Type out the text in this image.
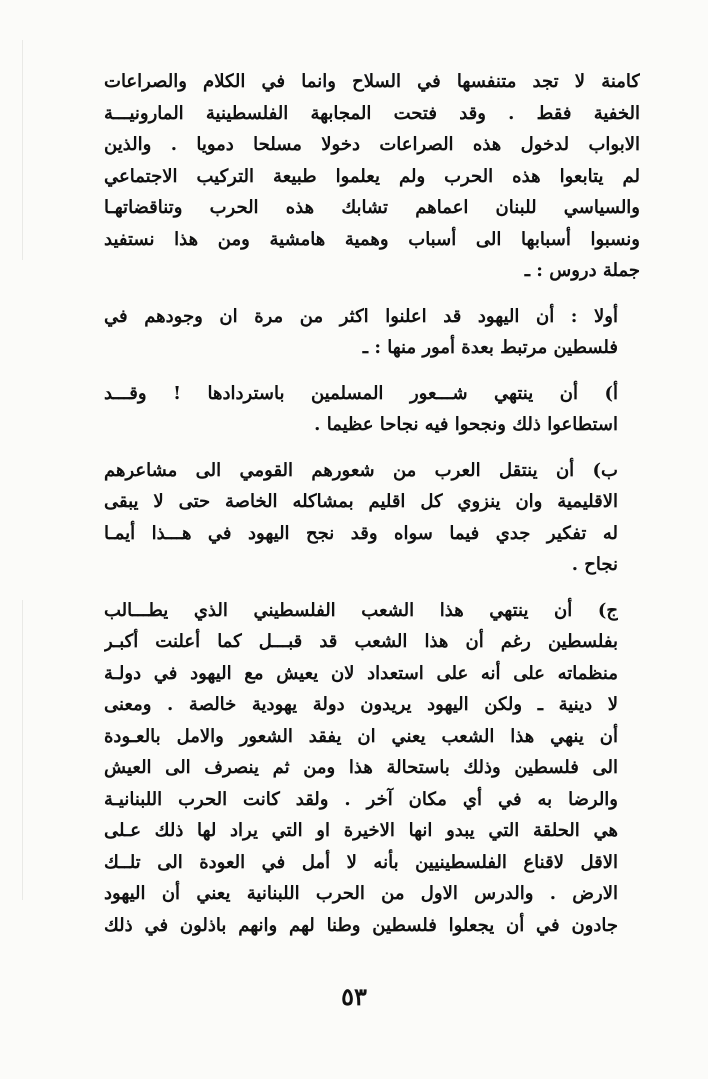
كامنة لا تجد متنفسها في السلاح وانما في الكلام والصراعات
الخفية فقط . وقد فتحت المجابهة الفلسطينية المارونيـــة
الابواب لدخول هذه الصراعات دخولا مسلحا دمويا . والذين
لم يتابعوا هذه الحرب ولم يعلموا طبيعة التركيب الاجتماعي
والسياسي للبنان اعماهم تشابك هذه الحرب وتناقضاتهـا
ونسبوا أسبابها الى أسباب وهمية هامشية ومن هذا نستفيد
جملة دروس : ـ
أولا : أن اليهود قد اعلنوا اكثر من مرة ان وجودهم في
فلسطين مرتبط بعدة أمور منها : ـ
أ) أن ينتهي شـــعور المسلمين باستردادها ! وقـــد
استطاعوا ذلك ونجحوا فيه نجاحا عظيما .
ب) أن ينتقل العرب من شعورهم القومي الى مشاعرهم
الاقليمية وان ينزوي كل اقليم بمشاكله الخاصة حتى لا يبقى
له تفكير جدي فيما سواه وقد نجح اليهود في هـــذا أيمـا
نجاح .
ج) أن ينتهي هذا الشعب الفلسطيني الذي يطـــالب
بفلسطين رغم أن هذا الشعب قد قبـــل كما أعلنت أكبـر
منظماته على أنه على استعداد لان يعيش مع اليهود في دولـة
لا دينية ـ ولكن اليهود يريدون دولة يهودية خالصة . ومعنى
أن ينهي هذا الشعب يعني ان يفقد الشعور والامل بالعـودة
الى فلسطين وذلك باستحالة هذا ومن ثم ينصرف الى العيش
والرضا به في أي مكان آخر . ولقد كانت الحرب اللبنانيـة
هي الحلقة التي يبدو انها الاخيرة او التي يراد لها ذلك عـلى
الاقل لاقناع الفلسطينيين بأنه لا أمل في العودة الى تلــك
الارض . والدرس الاول من الحرب اللبنانية يعني أن اليهود
جادون في أن يجعلوا فلسطين وطنا لهم وانهم باذلون في ذلك
٥٣
